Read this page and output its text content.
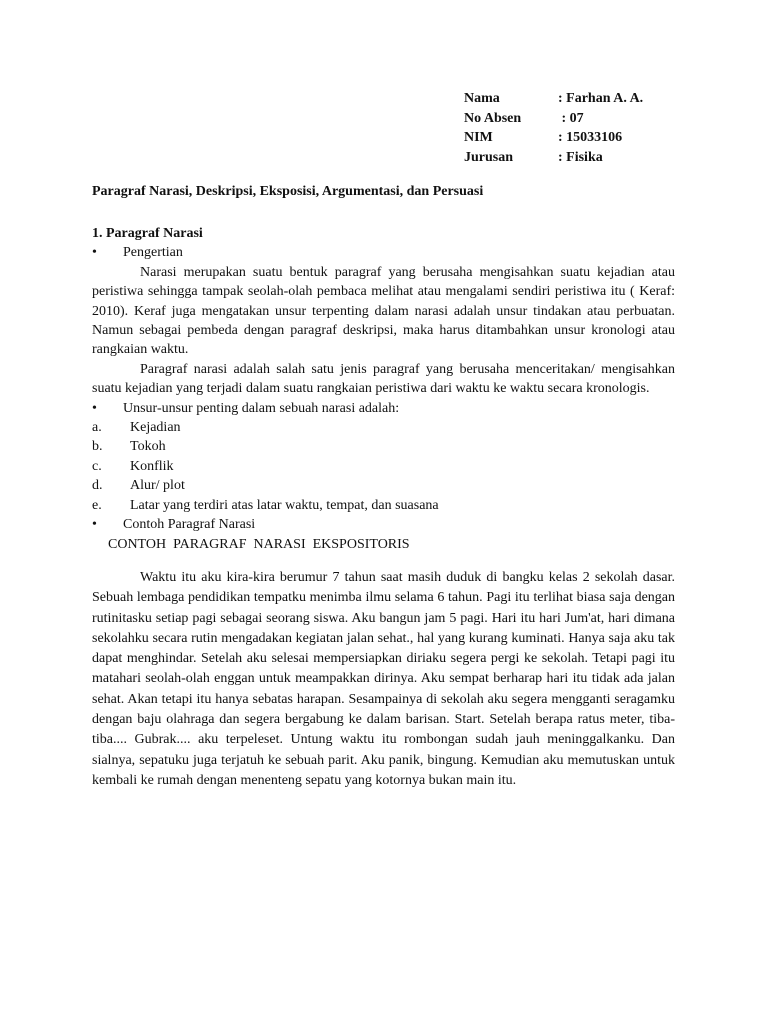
Nama	: Farhan A. A.
No Absen	: 07
NIM	: 15033106
Jurusan	: Fisika
Paragraf Narasi, Deskripsi, Eksposisi, Argumentasi, dan Persuasi
1. Paragraf Narasi
• Pengertian
Narasi merupakan suatu bentuk paragraf yang berusaha mengisahkan suatu kejadian atau peristiwa sehingga tampak seolah-olah pembaca melihat atau mengalami sendiri peristiwa itu ( Keraf: 2010). Keraf juga mengatakan unsur terpenting dalam narasi adalah unsur tindakan atau perbuatan. Namun sebagai pembeda dengan paragraf deskripsi, maka harus ditambahkan unsur kronologi atau rangkaian waktu.
Paragraf narasi adalah salah satu jenis paragraf yang berusaha menceritakan/ mengisahkan suatu kejadian yang terjadi dalam suatu rangkaian peristiwa dari waktu ke waktu secara kronologis.
• Unsur-unsur penting dalam sebuah narasi adalah:
a.	Kejadian
b.	Tokoh
c.	Konflik
d.	Alur/ plot
e.	Latar yang terdiri atas latar waktu, tempat, dan suasana
• Contoh Paragraf Narasi
CONTOH  PARAGRAF  NARASI  EKSPOSITORIS
Waktu itu aku kira-kira berumur 7 tahun saat masih duduk di bangku kelas 2 sekolah dasar. Sebuah lembaga pendidikan tempatku menimba ilmu selama 6 tahun. Pagi itu terlihat biasa saja dengan rutinitasku setiap pagi sebagai seorang siswa. Aku bangun jam 5 pagi. Hari itu hari Jum'at, hari dimana sekolahku secara rutin mengadakan kegiatan jalan sehat., hal yang kurang kuminati. Hanya saja aku tak dapat menghindar. Setelah aku selesai mempersiapkan diriaku segera pergi ke sekolah. Tetapi pagi itu matahari seolah-olah enggan untuk meampakkan dirinya. Aku sempat berharap hari itu tidak ada jalan sehat. Akan tetapi itu hanya sebatas harapan. Sesampainya di sekolah aku segera mengganti seragamku dengan baju olahraga dan segera bergabung ke dalam barisan. Start. Setelah berapa ratus meter, tiba-tiba.... Gubrak.... aku terpeleset. Untung waktu itu rombongan sudah jauh meninggalkanku. Dan sialnya, sepatuku juga terjatuh ke sebuah parit. Aku panik, bingung. Kemudian aku memutuskan untuk kembali ke rumah dengan menenteng sepatu yang kotornya bukan main itu.
